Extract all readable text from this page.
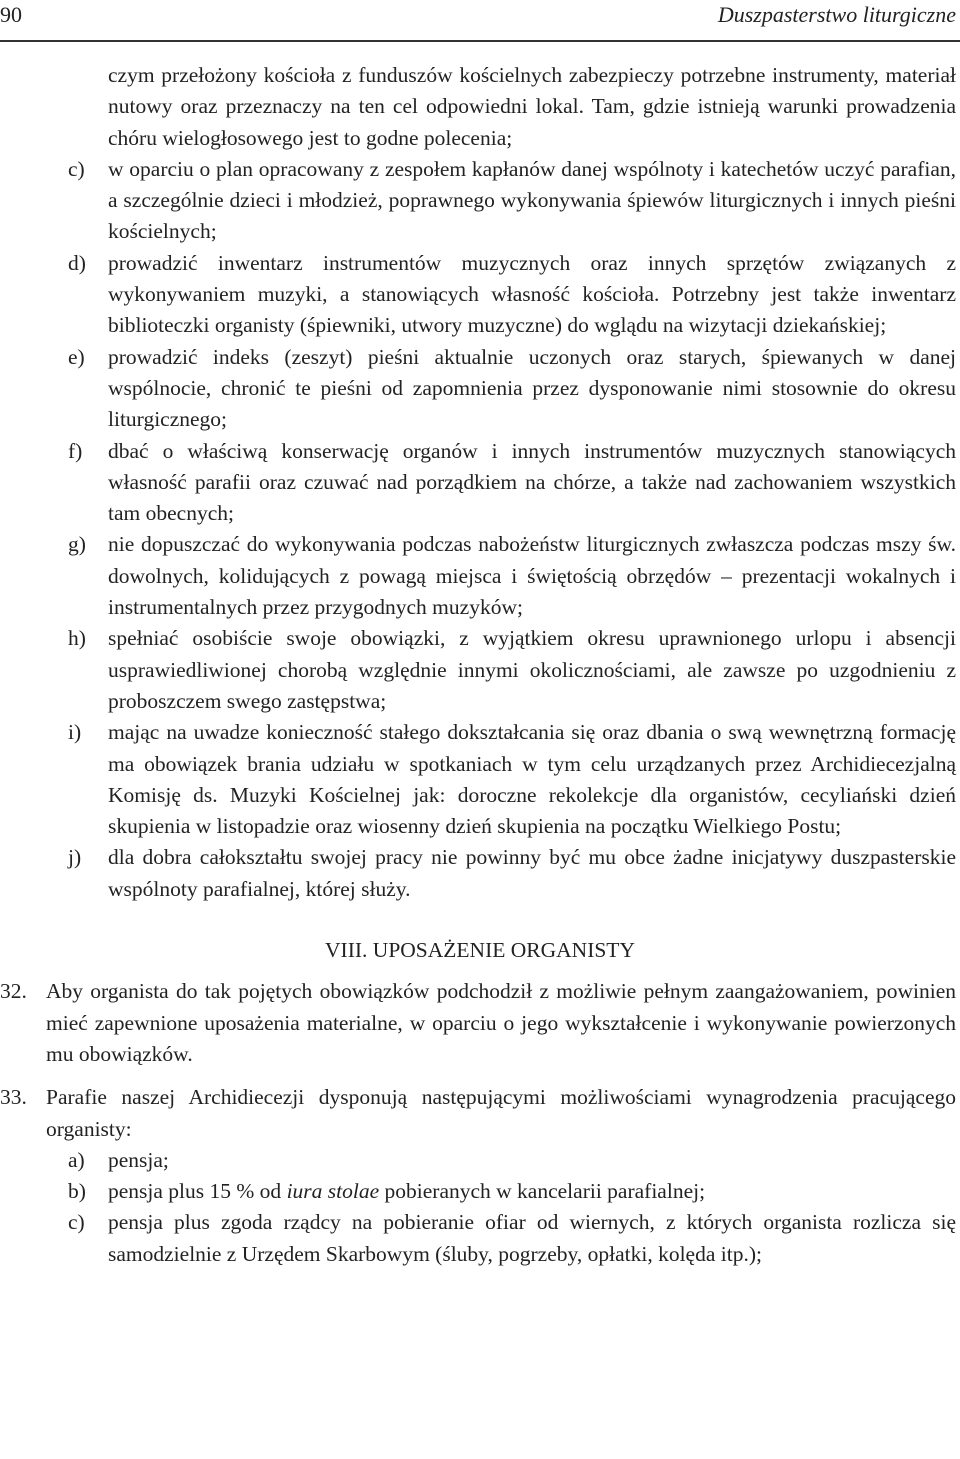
90	Duszpasterstwo liturgiczne

czym przełożony kościoła z funduszów kościelnych zabezpieczy potrzebne instrumenty, materiał nutowy oraz przeznaczy na ten cel odpowiedni lokal. Tam, gdzie istnieją warunki prowadzenia chóru wielogłosowego jest to godne polecenia;

c) w oparciu o plan opracowany z zespołem kapłanów danej wspólnoty i katechetów uczyć parafian, a szczególnie dzieci i młodzież, poprawnego wykonywania śpiewów liturgicznych i innych pieśni kościelnych;
d) prowadzić inwentarz instrumentów muzycznych oraz innych sprzętów związanych z wykonywaniem muzyki, a stanowiących własność kościoła. Potrzebny jest także inwentarz biblioteczki organisty (śpiewniki, utwory muzyczne) do wglądu na wizytacji dziekańskiej;
e) prowadzić indeks (zeszyt) pieśni aktualnie uczonych oraz starych, śpiewanych w danej wspólnocie, chronić te pieśni od zapomnienia przez dysponowanie nimi stosownie do okresu liturgicznego;
f) dbać o właściwą konserwację organów i innych instrumentów muzycznych stanowiących własność parafii oraz czuwać nad porządkiem na chórze, a także nad zachowaniem wszystkich tam obecnych;
g) nie dopuszczać do wykonywania podczas nabożeństw liturgicznych zwłaszcza podczas mszy św. dowolnych, kolidujących z powagą miejsca i świętością obrzędów – prezentacji wokalnych i instrumentalnych przez przygodnych muzyków;
h) spełniać osobiście swoje obowiązki, z wyjątkiem okresu uprawnionego urlopu i absencji usprawiedliwionej chorobą względnie innymi okolicznościami, ale zawsze po uzgodnieniu z proboszczem swego zastępstwa;
i) mając na uwadze konieczność stałego dokształcania się oraz dbania o swą wewnętrzną formację ma obowiązek brania udziału w spotkaniach w tym celu urządzanych przez Archidiecezjalną Komisję ds. Muzyki Kościelnej jak: doroczne rekolekcje dla organistów, cecyliański dzień skupienia w listopadzie oraz wiosenny dzień skupienia na początku Wielkiego Postu;
j) dla dobra całokształtu swojej pracy nie powinny być mu obce żadne inicjatywy duszpasterskie wspólnoty parafialnej, której służy.
VIII. UPOSAŻENIE ORGANISTY
32. Aby organista do tak pojętych obowiązków podchodził z możliwie pełnym zaangażowaniem, powinien mieć zapewnione uposażenia materialne, w oparciu o jego wykształcenie i wykonywanie powierzonych mu obowiązków.
33. Parafie naszej Archidiecezji dysponują następującymi możliwościami wynagrodzenia pracującego organisty:
a) pensja;
b) pensja plus 15 % od iura stolae pobieranych w kancelarii parafialnej;
c) pensja plus zgoda rządcy na pobieranie ofiar od wiernych, z których organista rozlicza się samodzielnie z Urzędem Skarbowym (śluby, pogrzeby, opłatki, kolęda itp.);
